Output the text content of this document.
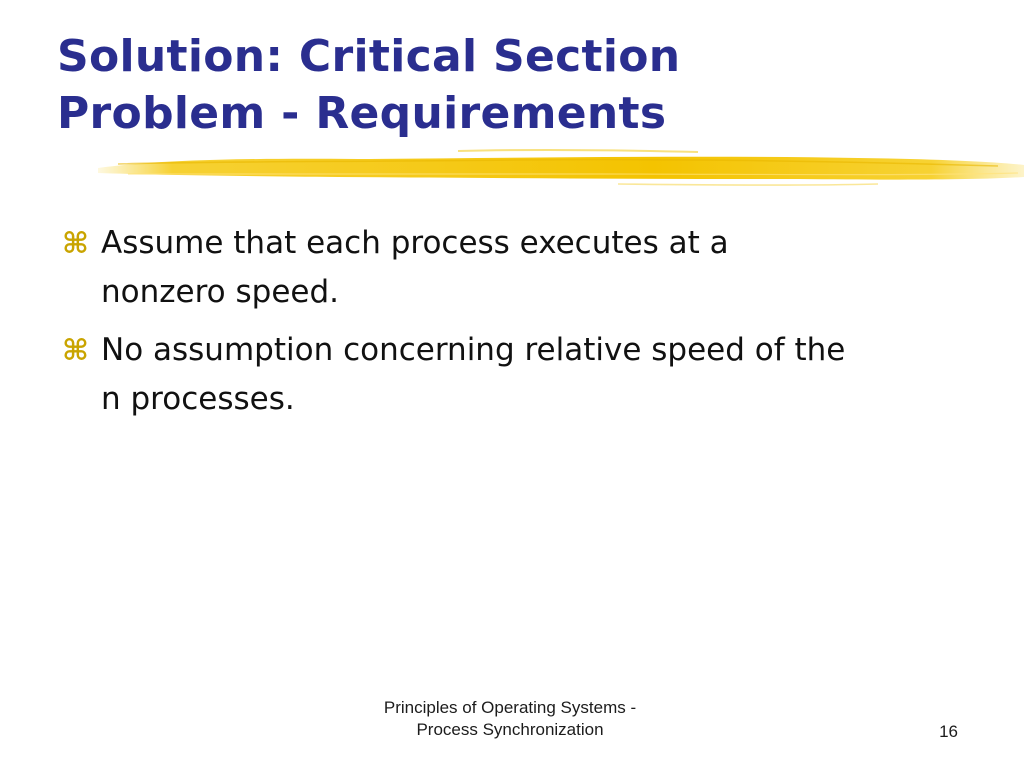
Solution: Critical Section
Problem - Requirements
⌘ Assume that each process executes at a
nonzero speed.
⌘ No assumption concerning relative speed of the
n processes.
Principles of Operating Systems -
Process Synchronization	16
